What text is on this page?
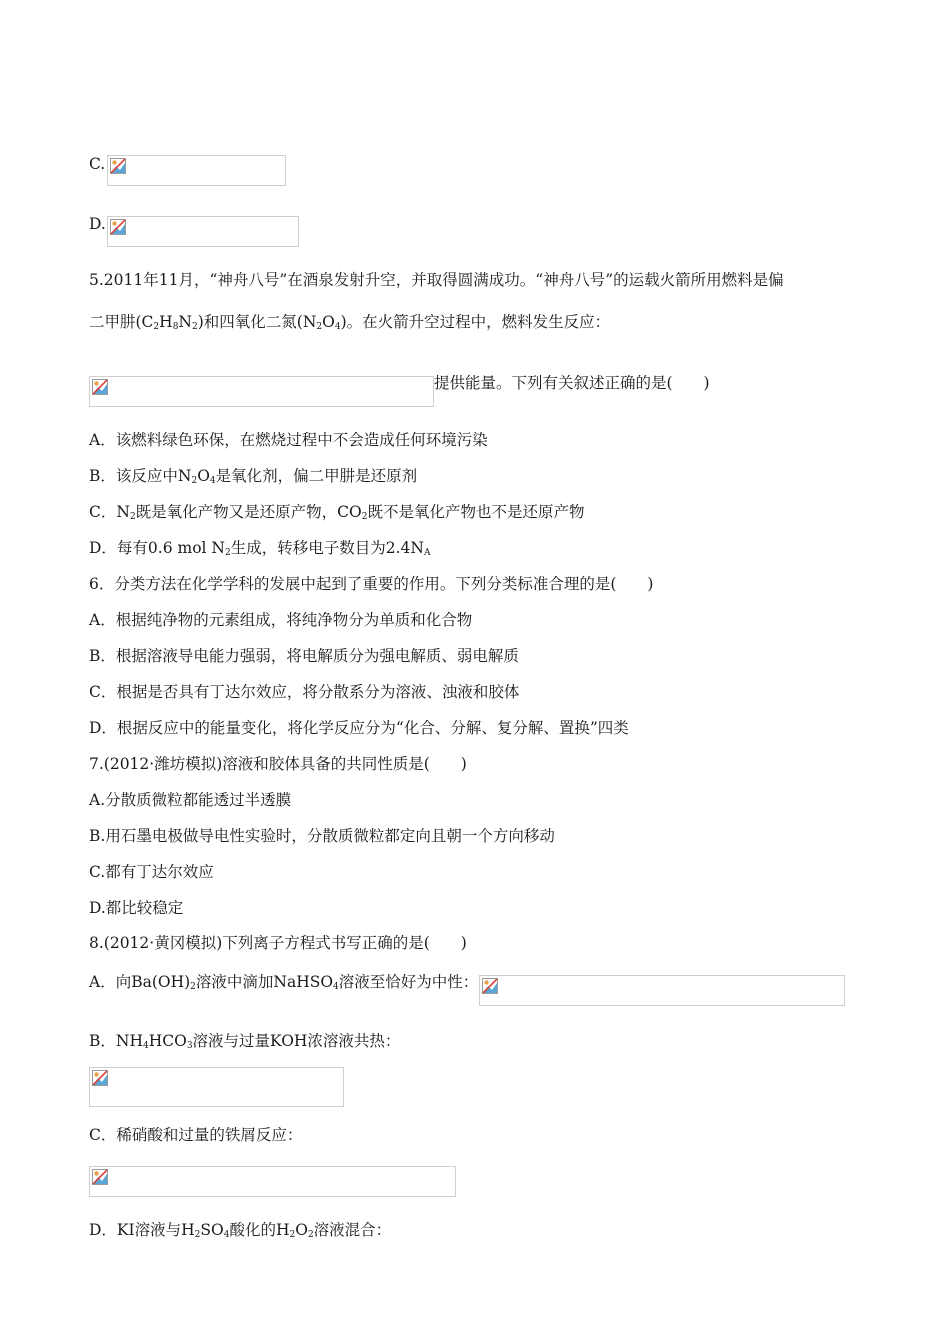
C.
D.
5.2011年11月，“神舟八号”在酒泉发射升空，并取得圆满成功。“神舟八号”的运载火箭所用燃料是偏
二甲肼$(C_2H_8N_2)$和四氧化二氮$(N_2O_4)$。在火箭升空过程中，燃料发生反应：
提供能量。下列有关叙述正确的是(　　)
A．该燃料绿色环保，在燃烧过程中不会造成任何环境污染
B．该反应中$N_2O_4$是氧化剂，偏二甲肼是还原剂
C．$N_2$既是氧化产物又是还原产物，$CO_2$既不是氧化产物也不是还原产物
D．每有0.6 mol $N_2$生成，转移电子数目为$2.4N_A$
6．分类方法在化学学科的发展中起到了重要的作用。下列分类标准合理的是(　　)
A．根据纯净物的元素组成，将纯净物分为单质和化合物
B．根据溶液导电能力强弱，将电解质分为强电解质、弱电解质
C．根据是否具有丁达尔效应，将分散系分为溶液、浊液和胶体
D．根据反应中的能量变化，将化学反应分为“化合、分解、复分解、置换”四类
7.(2012·潍坊模拟)溶液和胶体具备的共同性质是(　　)
A.分散质微粒都能透过半透膜
B.用石墨电极做导电性实验时，分散质微粒都定向且朝一个方向移动
C.都有丁达尔效应
D.都比较稳定
8.(2012·黄冈模拟)下列离子方程式书写正确的是(　　)
A．向$Ba(OH)_2$溶液中滴加NaHSO$_4$溶液至恰好为中性：
B．$NH_4HCO_3$溶液与过量KOH浓溶液共热：
C．稀硝酸和过量的铁屑反应：
D．KI溶液与$H_2SO_4$酸化的$H_2O_2$溶液混合：
